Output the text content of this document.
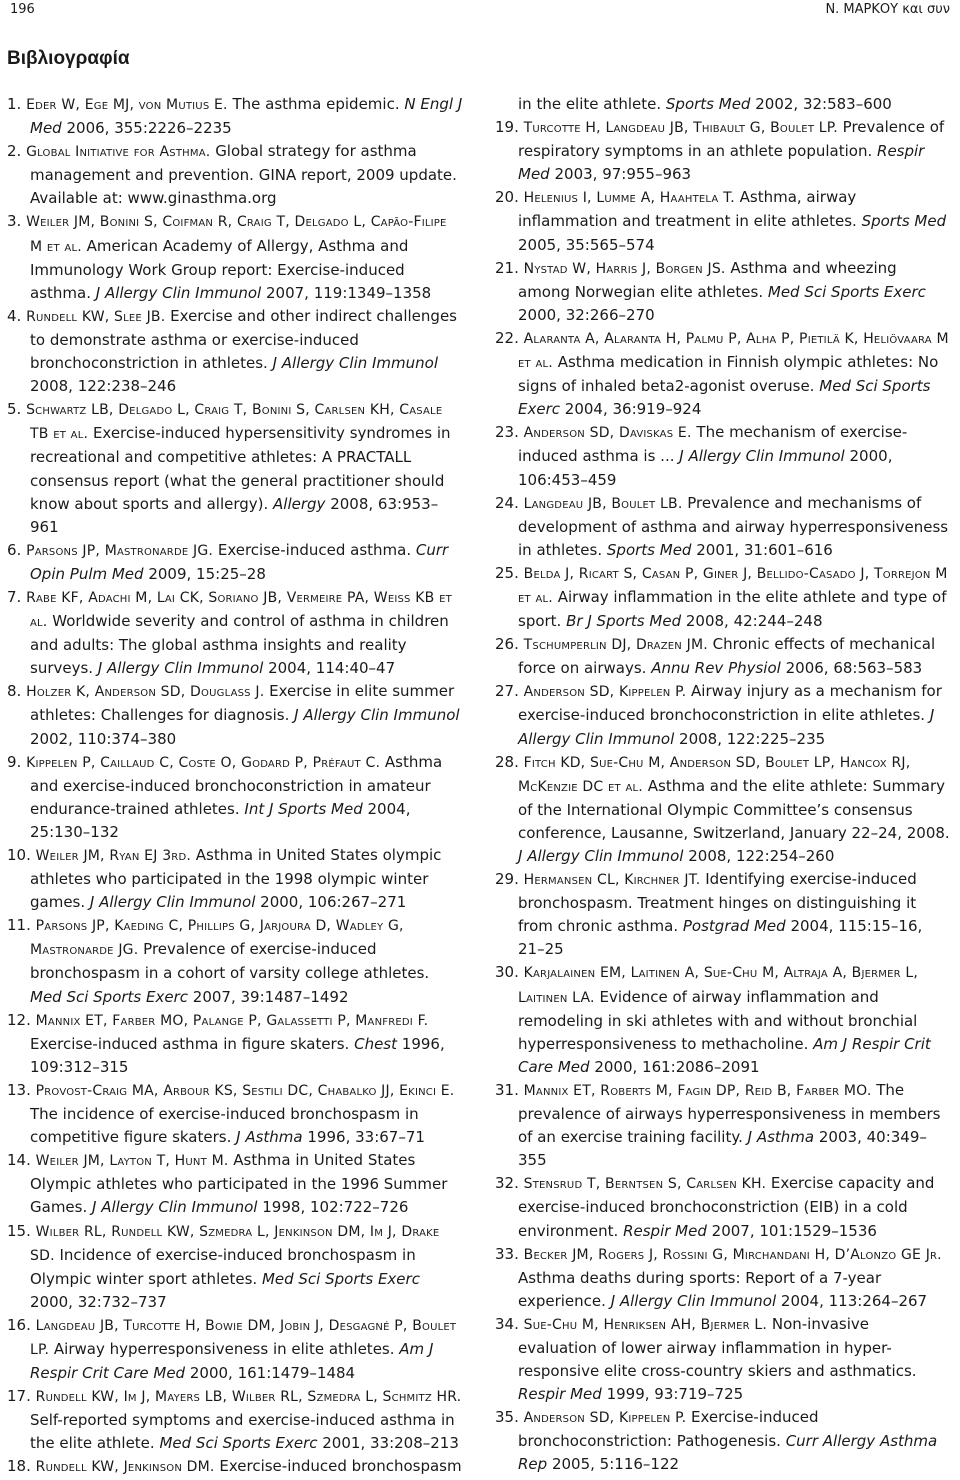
196	Ν. ΜΑΡΚΟΥ και συν
Βιβλιογραφία
1. Eder W, Ege MJ, von Mutius E. The asthma epidemic. N Engl J Med 2006, 355:2226–2235
2. Global Initiative for Asthma. Global strategy for asthma management and prevention. GINA report, 2009 update. Available at: www.ginasthma.org
3. Weiler JM, Bonini S, Coifman R, Craig T, Delgado L, Capão-Filipe M et al. American Academy of Allergy, Asthma and Immunology Work Group report: Exercise-induced asthma. J Allergy Clin Immunol 2007, 119:1349–1358
4. Rundell KW, Slee JB. Exercise and other indirect challenges to demonstrate asthma or exercise-induced bronchoconstriction in athletes. J Allergy Clin Immunol 2008, 122:238–246
5. Schwartz LB, Delgado L, Craig T, Bonini S, Carlsen KH, Casale TB et al. Exercise-induced hypersensitivity syndromes in recreational and competitive athletes: A PRACTALL consensus report (what the general practitioner should know about sports and allergy). Allergy 2008, 63:953–961
6. Parsons JP, Mastronarde JG. Exercise-induced asthma. Curr Opin Pulm Med 2009, 15:25–28
7. Rabe KF, Adachi M, Lai CK, Soriano JB, Vermeire PA, Weiss KB et al. Worldwide severity and control of asthma in children and adults: The global asthma insights and reality surveys. J Allergy Clin Immunol 2004, 114:40–47
8. Holzer K, Anderson SD, Douglass J. Exercise in elite summer athletes: Challenges for diagnosis. J Allergy Clin Immunol 2002, 110:374–380
9. Kippelen P, Caillaud C, Coste O, Godard P, Préfaut C. Asthma and exercise-induced bronchoconstriction in amateur endurance-trained athletes. Int J Sports Med 2004, 25:130–132
10. Weiler JM, Ryan EJ 3rd. Asthma in United States olympic athletes who participated in the 1998 olympic winter games. J Allergy Clin Immunol 2000, 106:267–271
11. Parsons JP, Kaeding C, Phillips G, Jarjoura D, Wadley G, Mastronarde JG. Prevalence of exercise-induced bronchospasm in a cohort of varsity college athletes. Med Sci Sports Exerc 2007, 39:1487–1492
12. Mannix ET, Farber MO, Palange P, Galassetti P, Manfredi F. Exercise-induced asthma in figure skaters. Chest 1996, 109:312–315
13. Provost-Craig MA, Arbour KS, Sestili DC, Chabalko JJ, Ekinci E. The incidence of exercise-induced bronchospasm in competitive figure skaters. J Asthma 1996, 33:67–71
14. Weiler JM, Layton T, Hunt M. Asthma in United States Olympic athletes who participated in the 1996 Summer Games. J Allergy Clin Immunol 1998, 102:722–726
15. Wilber RL, Rundell KW, Szmedra L, Jenkinson DM, Im J, Drake SD. Incidence of exercise-induced bronchospasm in Olympic winter sport athletes. Med Sci Sports Exerc 2000, 32:732–737
16. Langdeau JB, Turcotte H, Bowie DM, Jobin J, Desgagné P, Boulet LP. Airway hyperresponsiveness in elite athletes. Am J Respir Crit Care Med 2000, 161:1479–1484
17. Rundell KW, Im J, Mayers LB, Wilber RL, Szmedra L, Schmitz HR. Self-reported symptoms and exercise-induced asthma in the elite athlete. Med Sci Sports Exerc 2001, 33:208–213
18. Rundell KW, Jenkinson DM. Exercise-induced bronchospasm
in the elite athlete. Sports Med 2002, 32:583–600
19. Turcotte H, Langdeau JB, Thibault G, Boulet LP. Prevalence of respiratory symptoms in an athlete population. Respir Med 2003, 97:955–963
20. Helenius I, Lumme A, Haahtela T. Asthma, airway inflammation and treatment in elite athletes. Sports Med 2005, 35:565–574
21. Nystad W, Harris J, Borgen JS. Asthma and wheezing among Norwegian elite athletes. Med Sci Sports Exerc 2000, 32:266–270
22. Alaranta A, Alaranta H, Palmu P, Alha P, Pietilä K, Heliövaara M et al. Asthma medication in Finnish olympic athletes: No signs of inhaled beta2-agonist overuse. Med Sci Sports Exerc 2004, 36:919–924
23. Anderson SD, Daviskas E. The mechanism of exercise-induced asthma is ... J Allergy Clin Immunol 2000, 106:453–459
24. Langdeau JB, Boulet LB. Prevalence and mechanisms of development of asthma and airway hyperresponsiveness in athletes. Sports Med 2001, 31:601–616
25. Belda J, Ricart S, Casan P, Giner J, Bellido-Casado J, Torrejon M et al. Airway inflammation in the elite athlete and type of sport. Br J Sports Med 2008, 42:244–248
26. Tschumperlin DJ, Drazen JM. Chronic effects of mechanical force on airways. Annu Rev Physiol 2006, 68:563–583
27. Anderson SD, Kippelen P. Airway injury as a mechanism for exercise-induced bronchoconstriction in elite athletes. J Allergy Clin Immunol 2008, 122:225–235
28. Fitch KD, Sue-Chu M, Anderson SD, Boulet LP, Hancox RJ, McKenzie DC et al. Asthma and the elite athlete: Summary of the International Olympic Committee’s consensus conference, Lausanne, Switzerland, January 22–24, 2008. J Allergy Clin Immunol 2008, 122:254–260
29. Hermansen CL, Kirchner JT. Identifying exercise-induced bronchospasm. Treatment hinges on distinguishing it from chronic asthma. Postgrad Med 2004, 115:15–16, 21–25
30. Karjalainen EM, Laitinen A, Sue-Chu M, Altraja A, Bjermer L, Laitinen LA. Evidence of airway inflammation and remodeling in ski athletes with and without bronchial hyperresponsiveness to methacholine. Am J Respir Crit Care Med 2000, 161:2086–2091
31. Mannix ET, Roberts M, Fagin DP, Reid B, Farber MO. The prevalence of airways hyperresponsiveness in members of an exercise training facility. J Asthma 2003, 40:349–355
32. Stensrud T, Berntsen S, Carlsen KH. Exercise capacity and exercise-induced bronchoconstriction (EIB) in a cold environment. Respir Med 2007, 101:1529–1536
33. Becker JM, Rogers J, Rossini G, Mirchandani H, D’Alonzo GE Jr. Asthma deaths during sports: Report of a 7-year experience. J Allergy Clin Immunol 2004, 113:264–267
34. Sue-Chu M, Henriksen AH, Bjermer L. Non-invasive evaluation of lower airway inflammation in hyper-responsive elite cross-country skiers and asthmatics. Respir Med 1999, 93:719–725
35. Anderson SD, Kippelen P. Exercise-induced bronchoconstriction: Pathogenesis. Curr Allergy Asthma Rep 2005, 5:116–122
